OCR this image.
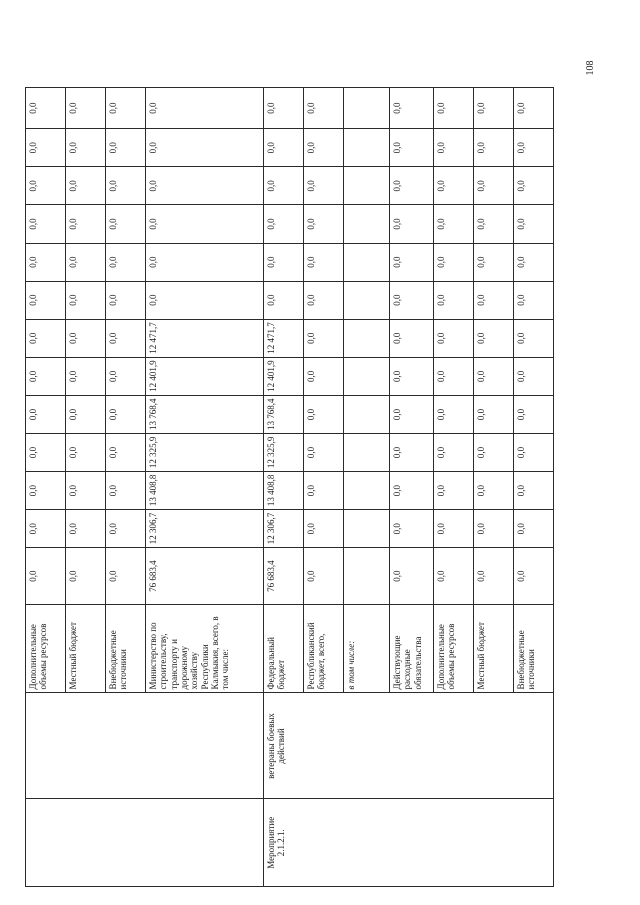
108
		Дополнительные объемы ресурсов	0,0	0,0	0,0	0,0	0,0	0,0	0,0	0,0	0,0	0,0	0,0	0,0	0,0
		Местный бюджет	0,0	0,0	0,0	0,0	0,0	0,0	0,0	0,0	0,0	0,0	0,0	0,0	0,0
		Внебюджетные источники	0,0	0,0	0,0	0,0	0,0	0,0	0,0	0,0	0,0	0,0	0,0	0,0	0,0
		Министерство по строительству, транспорту и дорожному хозяйству Республики Калмыкия, всего, в том числе:	76 683,4	12 306,7	13 408,8	12 325,9	13 768,4	12 401,9	12 471,7	0,0	0,0	0,0	0,0	0,0	0,0
Мероприятие 2.1.2.1.	ветераны боевых действий	Федеральный бюджет	76 683,4	12 306,7	13 408,8	12 325,9	13 768,4	12 401,9	12 471,7	0,0	0,0	0,0	0,0	0,0	0,0
		Республиканский бюджет, всего,	0,0	0,0	0,0	0,0	0,0	0,0	0,0	0,0	0,0	0,0	0,0	0,0	0,0
		в том числе:													
		Действующие расходные обязательства	0,0	0,0	0,0	0,0	0,0	0,0	0,0	0,0	0,0	0,0	0,0	0,0	0,0
		Дополнительные объемы ресурсов	0,0	0,0	0,0	0,0	0,0	0,0	0,0	0,0	0,0	0,0	0,0	0,0	0,0
		Местный бюджет	0,0	0,0	0,0	0,0	0,0	0,0	0,0	0,0	0,0	0,0	0,0	0,0	0,0
		Внебюджетные источники	0,0	0,0	0,0	0,0	0,0	0,0	0,0	0,0	0,0	0,0	0,0	0,0	0,0
